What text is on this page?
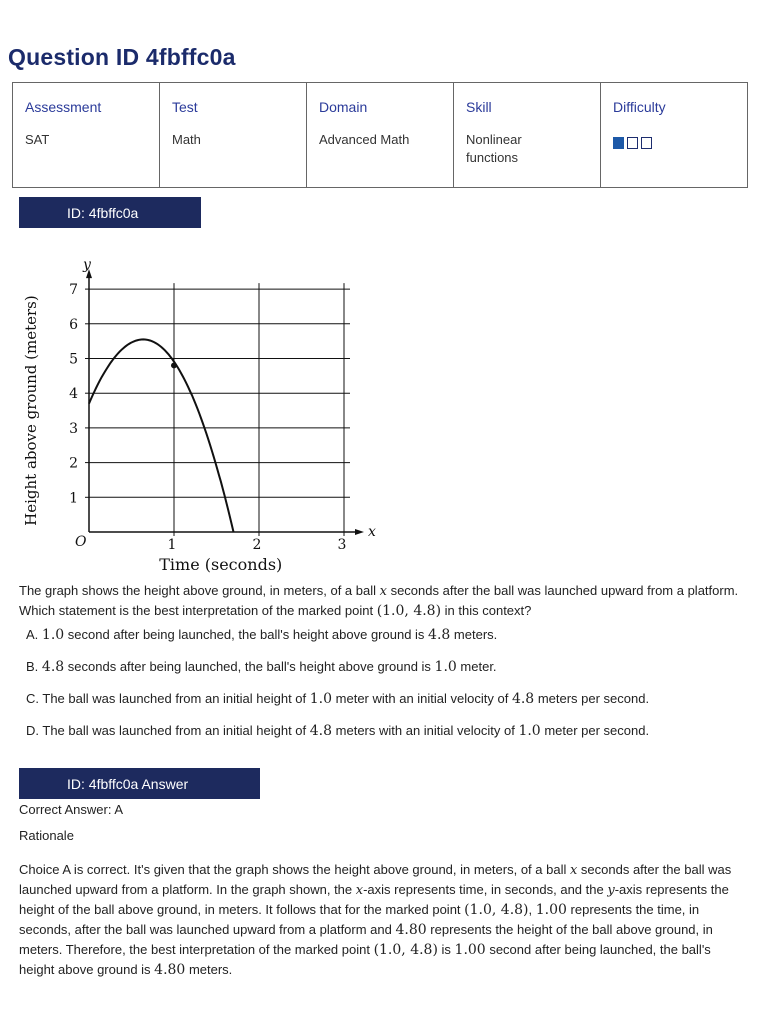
Question ID 4fbffc0a
Assessment
SAT

Test
Math

Domain
Advanced Math

Skill
Nonlinear functions

Difficulty
ID: 4fbffc0a
1
2
3
4
5
6
7
1	2	3
x
y
O
Time (seconds)
Height above ground (meters)
The graph shows the height above ground, in meters, of a ball x seconds after the ball was launched upward from a platform. Which statement is the best interpretation of the marked point (1.0, 4.8) in this context?
A. 1.0 second after being launched, the ball's height above ground is 4.8 meters.
B. 4.8 seconds after being launched, the ball's height above ground is 1.0 meter.
C. The ball was launched from an initial height of 1.0 meter with an initial velocity of 4.8 meters per second.
D. The ball was launched from an initial height of 4.8 meters with an initial velocity of 1.0 meter per second.
ID: 4fbffc0a Answer
Correct Answer: A
Rationale
Choice A is correct. It's given that the graph shows the height above ground, in meters, of a ball x seconds after the ball was launched upward from a platform. In the graph shown, the x-axis represents time, in seconds, and the y-axis represents the height of the ball above ground, in meters. It follows that for the marked point (1.0, 4.8), 1.00 represents the time, in seconds, after the ball was launched upward from a platform and 4.80 represents the height of the ball above ground, in meters. Therefore, the best interpretation of the marked point (1.0, 4.8) is 1.00 second after being launched, the ball's height above ground is 4.80 meters.
